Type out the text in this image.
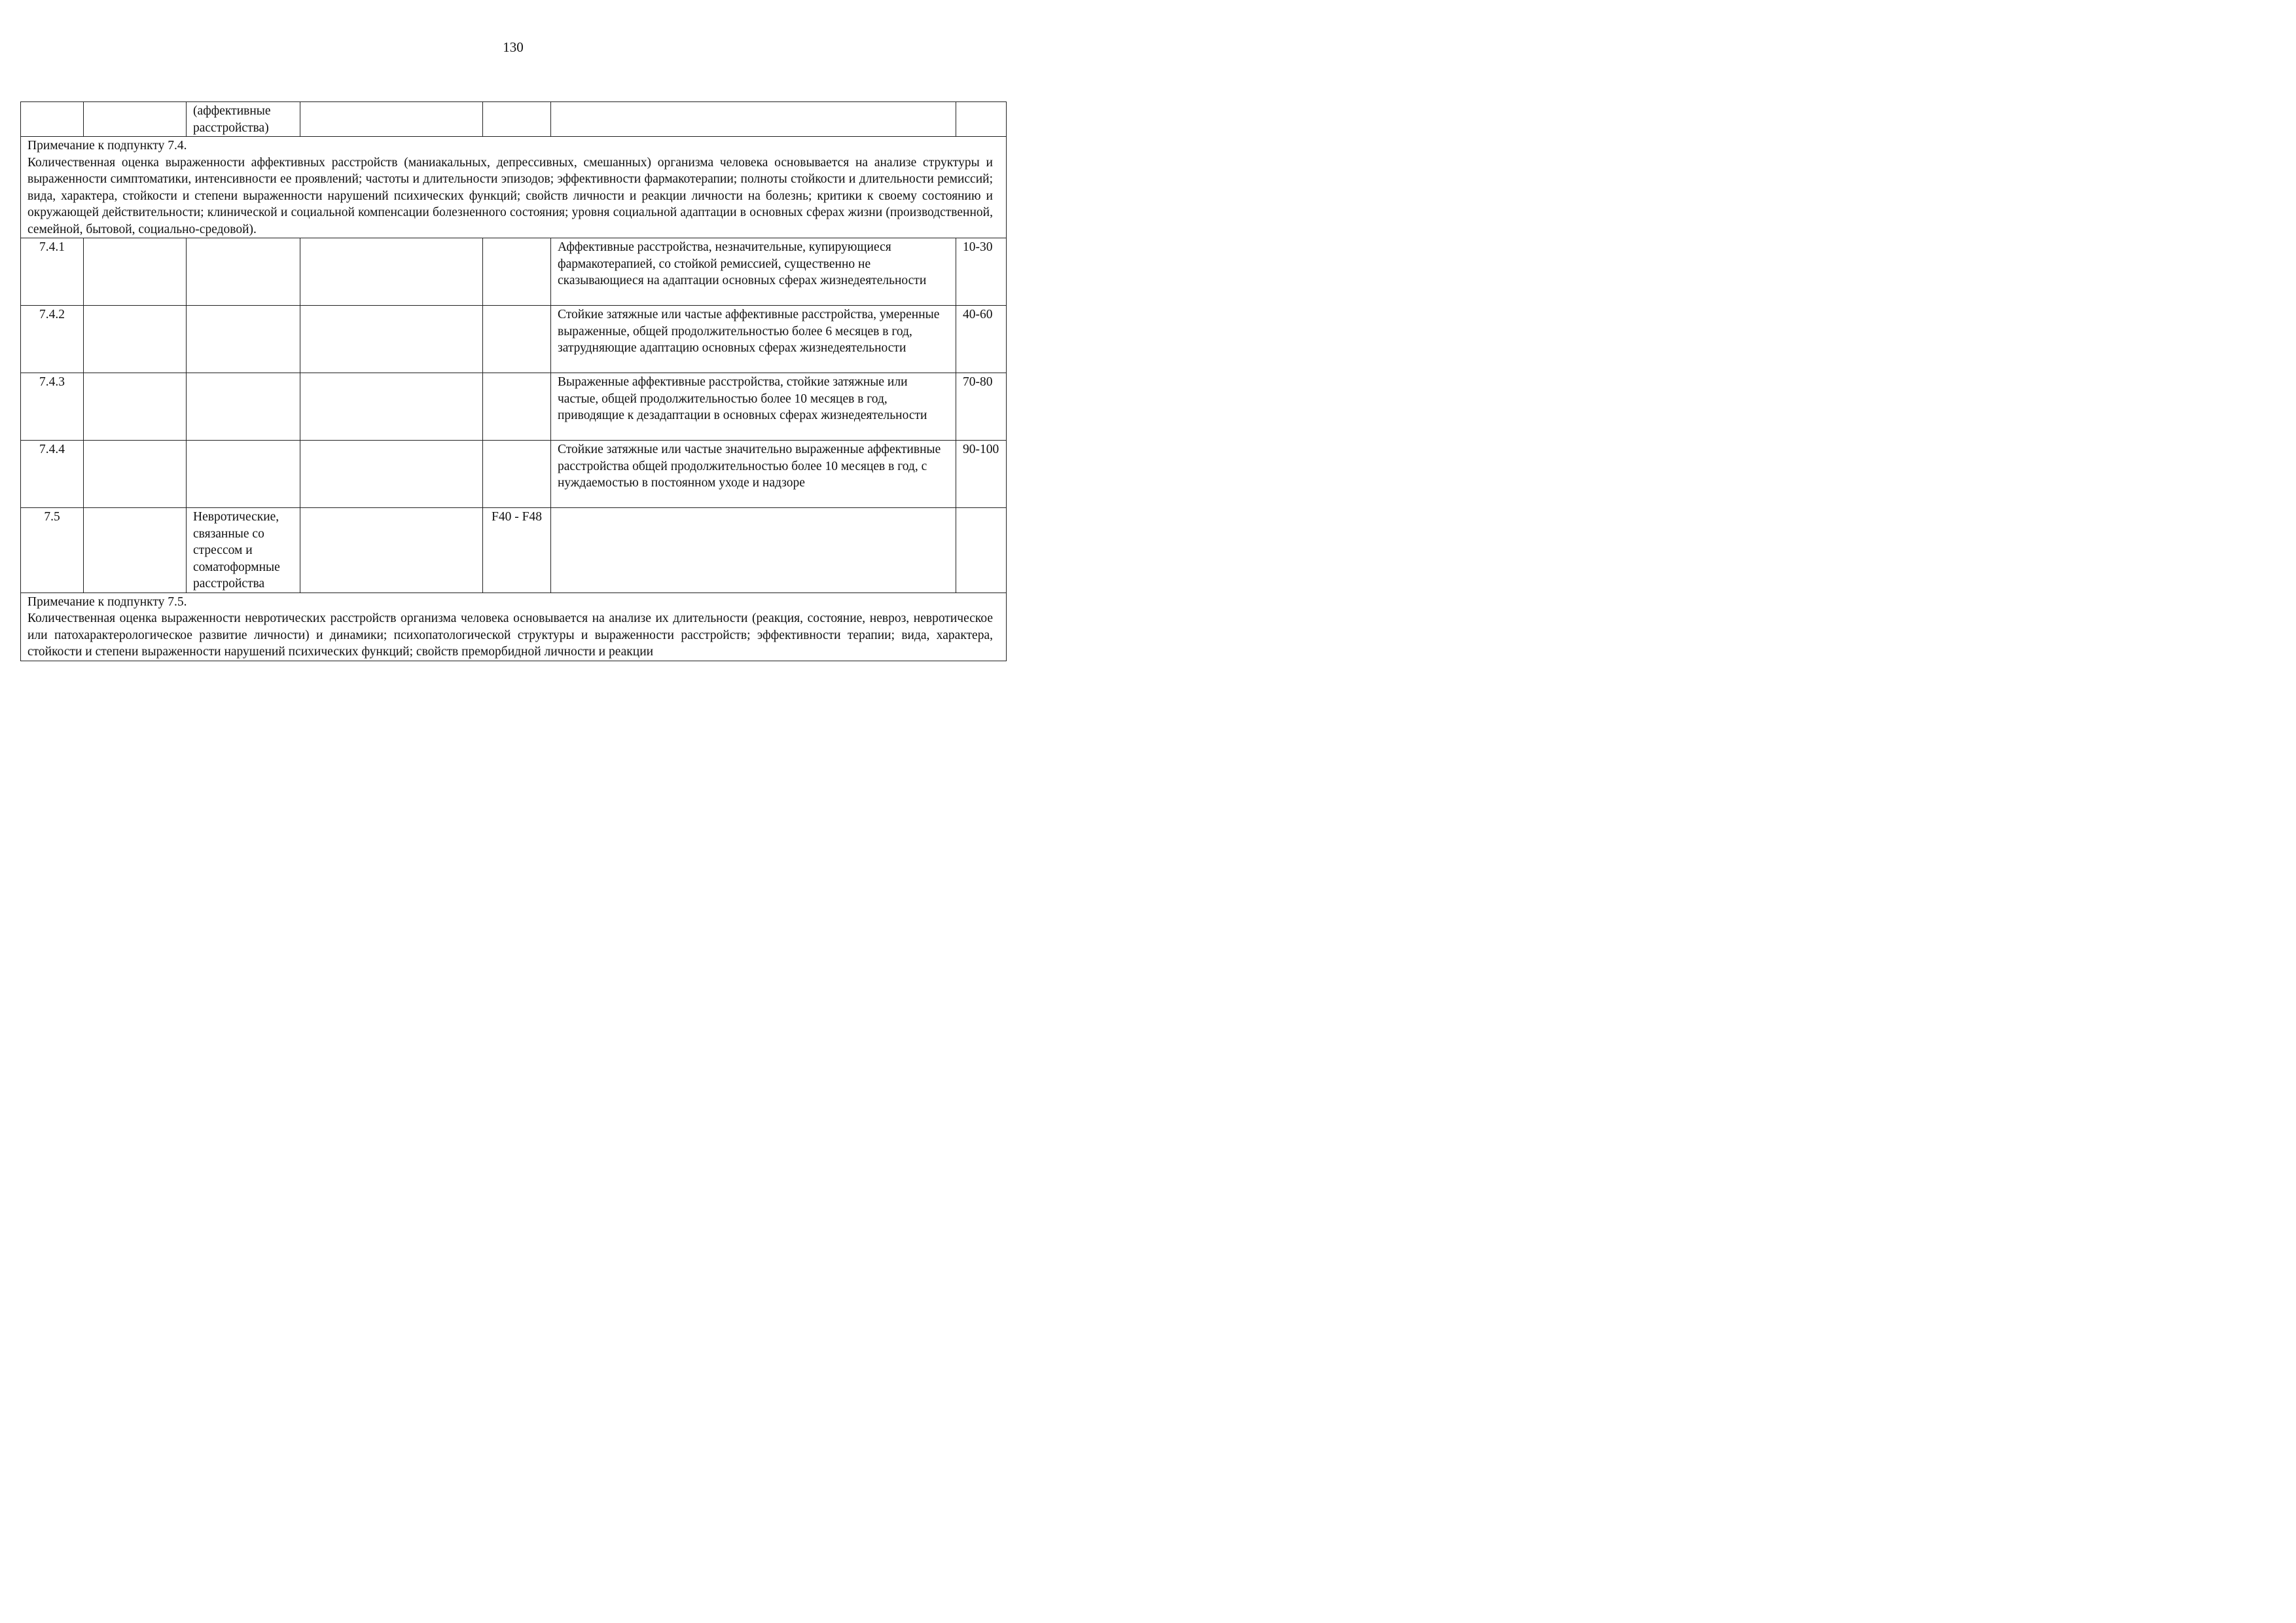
130
		(аффективные расстройства)				

Примечание к подпункту 7.4.
Количественная оценка выраженности аффективных расстройств (маниакальных, депрессивных, смешанных) организма человека основывается на анализе структуры и выраженности симптоматики, интенсивности ее проявлений; частоты и длительности эпизодов; эффективности фармакотерапии; полноты стойкости и длительности ремиссий; вида, характера, стойкости и степени выраженности нарушений психических функций; свойств личности и реакции личности на болезнь; критики к своему состоянию и окружающей действительности; клинической и социальной компенсации болезненного состояния; уровня социальной адаптации в основных сферах жизни (производственной, семейной, бытовой, социально-средовой).						

7.4.1					Аффективные расстройства, незначительные, купирующиеся фармакотерапией, со стойкой ремиссией, существенно не сказывающиеся на адаптации основных сферах жизнедеятельности	10-30
7.4.2					Стойкие затяжные или частые аффективные расстройства, умеренные выраженные, общей продолжительностью более 6 месяцев в год, затрудняющие адаптацию основных сферах жизнедеятельности	40-60
7.4.3					Выраженные аффективные расстройства, стойкие затяжные или частые, общей продолжительностью более 10 месяцев в год, приводящие к дезадаптации в основных сферах жизнедеятельности	70-80
7.4.4					Стойкие затяжные или частые значительно выраженные аффективные расстройства общей продолжительностью более 10 месяцев в год, с нуждаемостью в постоянном уходе и надзоре	90-100
7.5		Невротические, связанные со стрессом и соматоформные расстройства		F40 - F48		

Примечание к подпункту 7.5.
Количественная оценка выраженности невротических расстройств организма человека основывается на анализе их длительности (реакция, состояние, невроз, невротическое или патохарактерологическое развитие личности) и динамики; психопатологической структуры и выраженности расстройств; эффективности терапии; вида, характера, стойкости и степени выраженности нарушений психических функций; свойств преморбидной личности и реакции						
